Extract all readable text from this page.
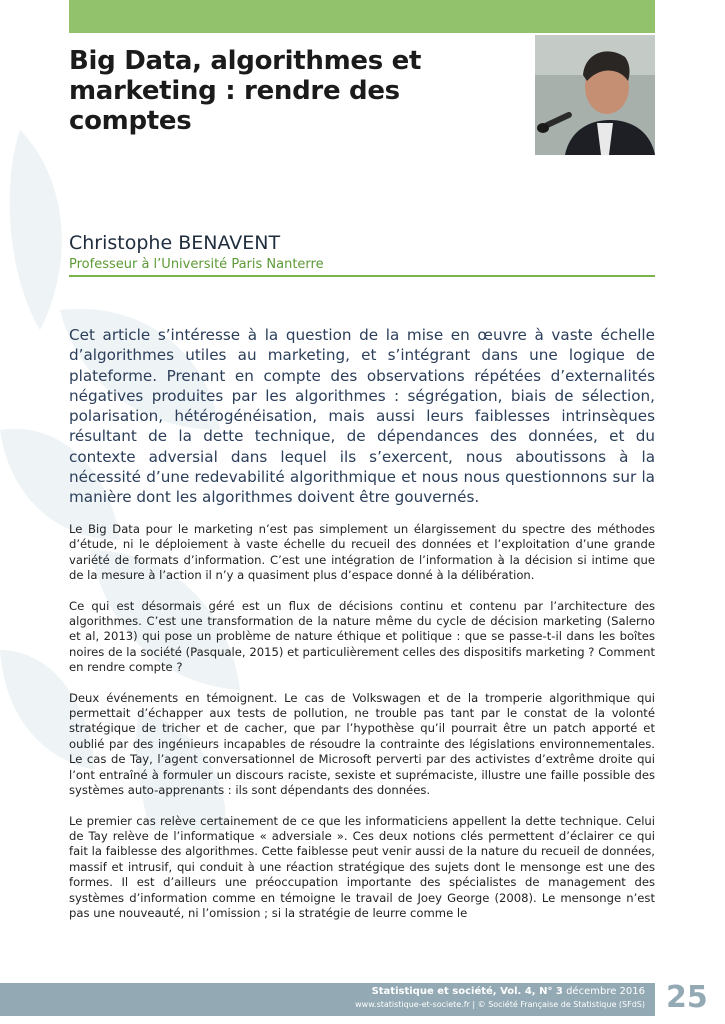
Big Data, algorithmes et marketing : rendre des comptes
Christophe BENAVENT
Professeur à l’Université Paris Nanterre

Cet article s’intéresse à la question de la mise en œuvre à vaste échelle d’algorithmes utiles au marketing, et s’intégrant dans une logique de plateforme. Prenant en compte des observations répétées d’externalités négatives produites par les algorithmes : ségrégation, biais de sélection, polarisation, hétérogénéisation, mais aussi leurs faiblesses intrinsèques résultant de la dette technique, de dépendances des données, et du contexte adversial dans lequel ils s’exercent, nous aboutissons à la nécessité d’une redevabilité algorithmique et nous nous questionnons sur la manière dont les algorithmes doivent être gouvernés.

Le Big Data pour le marketing n’est pas simplement un élargissement du spectre des méthodes d’étude, ni le déploiement à vaste échelle du recueil des données et l’exploitation d’une grande variété de formats d’information. C’est une intégration de l’information à la décision si intime que de la mesure à l’action il n’y a quasiment plus d’espace donné à la délibération.

Ce qui est désormais géré est un flux de décisions continu et contenu par l’architecture des algorithmes. C’est une transformation de la nature même du cycle de décision marketing (Salerno et al, 2013) qui pose un problème de nature éthique et politique : que se passe-t-il dans les boîtes noires de la société (Pasquale, 2015) et particulièrement celles des dispositifs marketing ? Comment en rendre compte ?

Deux événements en témoignent. Le cas de Volkswagen et de la tromperie algorithmique qui permettait d’échapper aux tests de pollution, ne trouble pas tant par le constat de la volonté stratégique de tricher et de cacher, que par l’hypothèse qu’il pourrait être un patch apporté et oublié par des ingénieurs incapables de résoudre la contrainte des législations environnementales. Le cas de Tay, l’agent conversationnel de Microsoft perverti par des activistes d’extrême droite qui l’ont entraîné à formuler un discours raciste, sexiste et suprémaciste, illustre une faille possible des systèmes auto-apprenants : ils sont dépendants des données.

Le premier cas relève certainement de ce que les informaticiens appellent la dette technique. Celui de Tay relève de l’informatique « adversiale ». Ces deux notions clés permettent d’éclairer ce qui fait la faiblesse des algorithmes. Cette faiblesse peut venir aussi de la nature du recueil de données, massif et intrusif, qui conduit à une réaction stratégique des sujets dont le mensonge est une des formes. Il est d’ailleurs une préoccupation importante des spécialistes de management des systèmes d’information comme en témoigne le travail de Joey George (2008). Le mensonge n’est pas une nouveauté, ni l’omission ; si la stratégie de leurre comme le

Statistique et société, Vol. 4, N° 3 décembre 2016
www.statistique-et-societe.fr | © Société Française de Statistique (SFdS) 25
